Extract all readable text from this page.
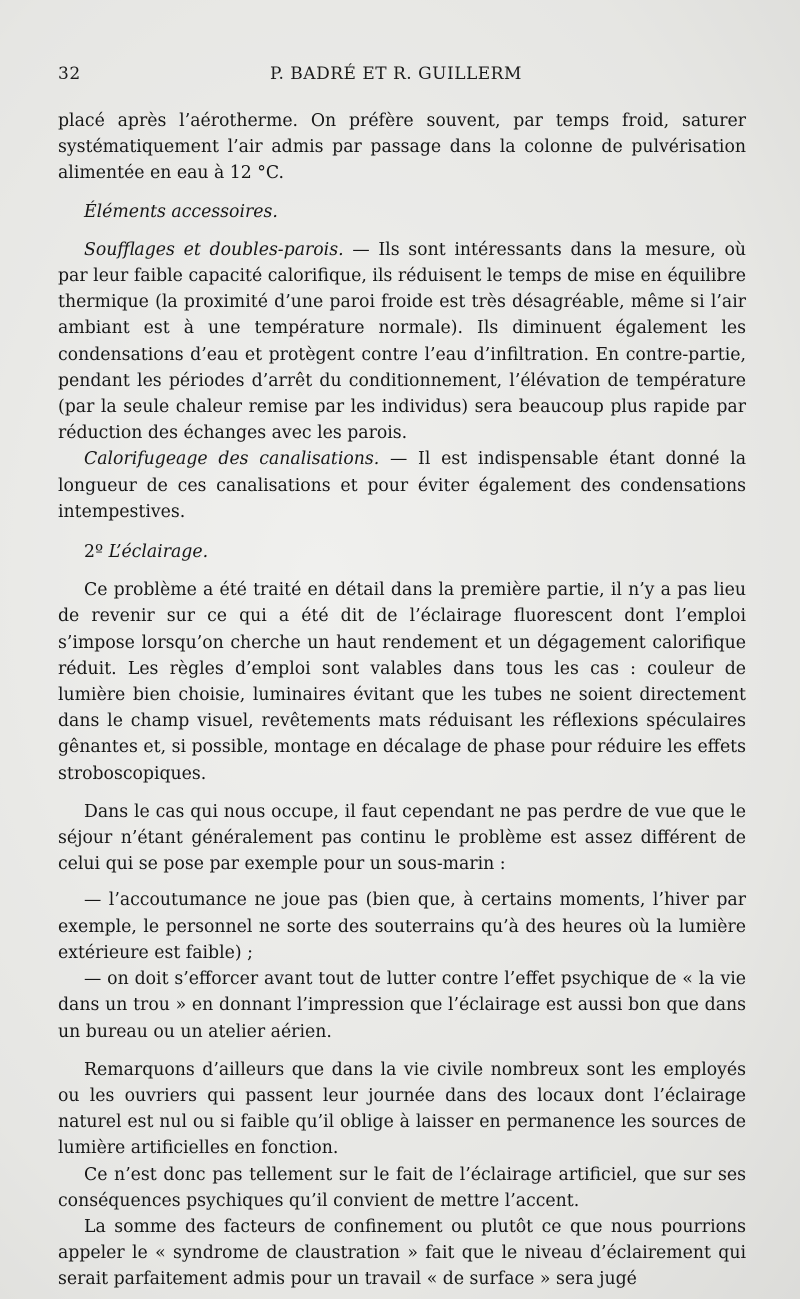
32	P. BADRÉ ET R. GUILLERM

placé après l’aérotherme. On préfère souvent, par temps froid, saturer systématiquement l’air admis par passage dans la colonne de pulvérisation alimentée en eau à 12 °C.

Éléments accessoires.

Soufflages et doubles-parois. — Ils sont intéressants dans la mesure, où par leur faible capacité calorifique, ils réduisent le temps de mise en équilibre thermique (la proximité d’une paroi froide est très désagréable, même si l’air ambiant est à une température normale). Ils diminuent également les condensations d’eau et protègent contre l’eau d’infiltration. En contre-partie, pendant les périodes d’arrêt du conditionnement, l’élévation de température (par la seule chaleur remise par les individus) sera beaucoup plus rapide par réduction des échanges avec les parois.

Calorifugeage des canalisations. — Il est indispensable étant donné la longueur de ces canalisations et pour éviter également des condensations intempestives.

2º L’éclairage.

Ce problème a été traité en détail dans la première partie, il n’y a pas lieu de revenir sur ce qui a été dit de l’éclairage fluorescent dont l’emploi s’impose lorsqu’on cherche un haut rendement et un dégagement calorifique réduit. Les règles d’emploi sont valables dans tous les cas : couleur de lumière bien choisie, luminaires évitant que les tubes ne soient directement dans le champ visuel, revêtements mats réduisant les réflexions spéculaires gênantes et, si possible, montage en décalage de phase pour réduire les effets stroboscopiques.

Dans le cas qui nous occupe, il faut cependant ne pas perdre de vue que le séjour n’étant généralement pas continu le problème est assez différent de celui qui se pose par exemple pour un sous-marin :

— l’accoutumance ne joue pas (bien que, à certains moments, l’hiver par exemple, le personnel ne sorte des souterrains qu’à des heures où la lumière extérieure est faible) ;

— on doit s’efforcer avant tout de lutter contre l’effet psychique de « la vie dans un trou » en donnant l’impression que l’éclairage est aussi bon que dans un bureau ou un atelier aérien.

Remarquons d’ailleurs que dans la vie civile nombreux sont les employés ou les ouvriers qui passent leur journée dans des locaux dont l’éclairage naturel est nul ou si faible qu’il oblige à laisser en permanence les sources de lumière artificielles en fonction.

Ce n’est donc pas tellement sur le fait de l’éclairage artificiel, que sur ses conséquences psychiques qu’il convient de mettre l’accent.

La somme des facteurs de confinement ou plutôt ce que nous pourrions appeler le « syndrome de claustration » fait que le niveau d’éclairement qui serait parfaitement admis pour un travail « de surface » sera jugé
